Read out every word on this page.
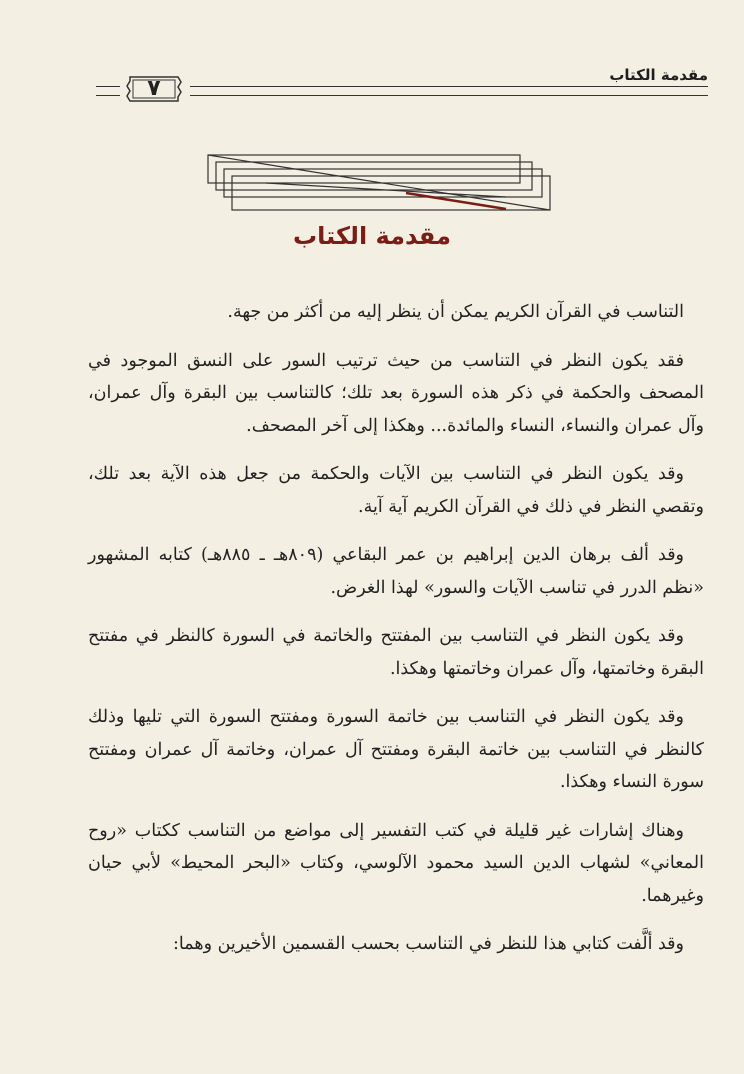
مقدمة الكتاب
٧
مقدمة الكتاب

التناسب في القرآن الكريم يمكن أن ينظر إليه من أكثر من جهة.

فقد يكون النظر في التناسب من حيث ترتيب السور على النسق الموجود في المصحف والحكمة في ذكر هذه السورة بعد تلك؛ كالتناسب بين البقرة وآل عمران، وآل عمران والنساء، النساء والمائدة... وهكذا إلى آخر المصحف.

وقد يكون النظر في التناسب بين الآيات والحكمة من جعل هذه الآية بعد تلك، وتقصي النظر في ذلك في القرآن الكريم آية آية.

وقد ألف برهان الدين إبراهيم بن عمر البقاعي (٨٠٩هـ ـ ٨٨٥هـ) كتابه المشهور «نظم الدرر في تناسب الآيات والسور» لهذا الغرض.

وقد يكون النظر في التناسب بين المفتتح والخاتمة في السورة كالنظر في مفتتح البقرة وخاتمتها، وآل عمران وخاتمتها وهكذا.

وقد يكون النظر في التناسب بين خاتمة السورة ومفتتح السورة التي تليها وذلك كالنظر في التناسب بين خاتمة البقرة ومفتتح آل عمران، وخاتمة آل عمران ومفتتح سورة النساء وهكذا.

وهناك إشارات غير قليلة في كتب التفسير إلى مواضع من التناسب ككتاب «روح المعاني» لشهاب الدين السيد محمود الآلوسي، وكتاب «البحر المحيط» لأبي حيان وغيرهما.

وقد ألَّفت كتابي هذا للنظر في التناسب بحسب القسمين الأخيرين وهما:
